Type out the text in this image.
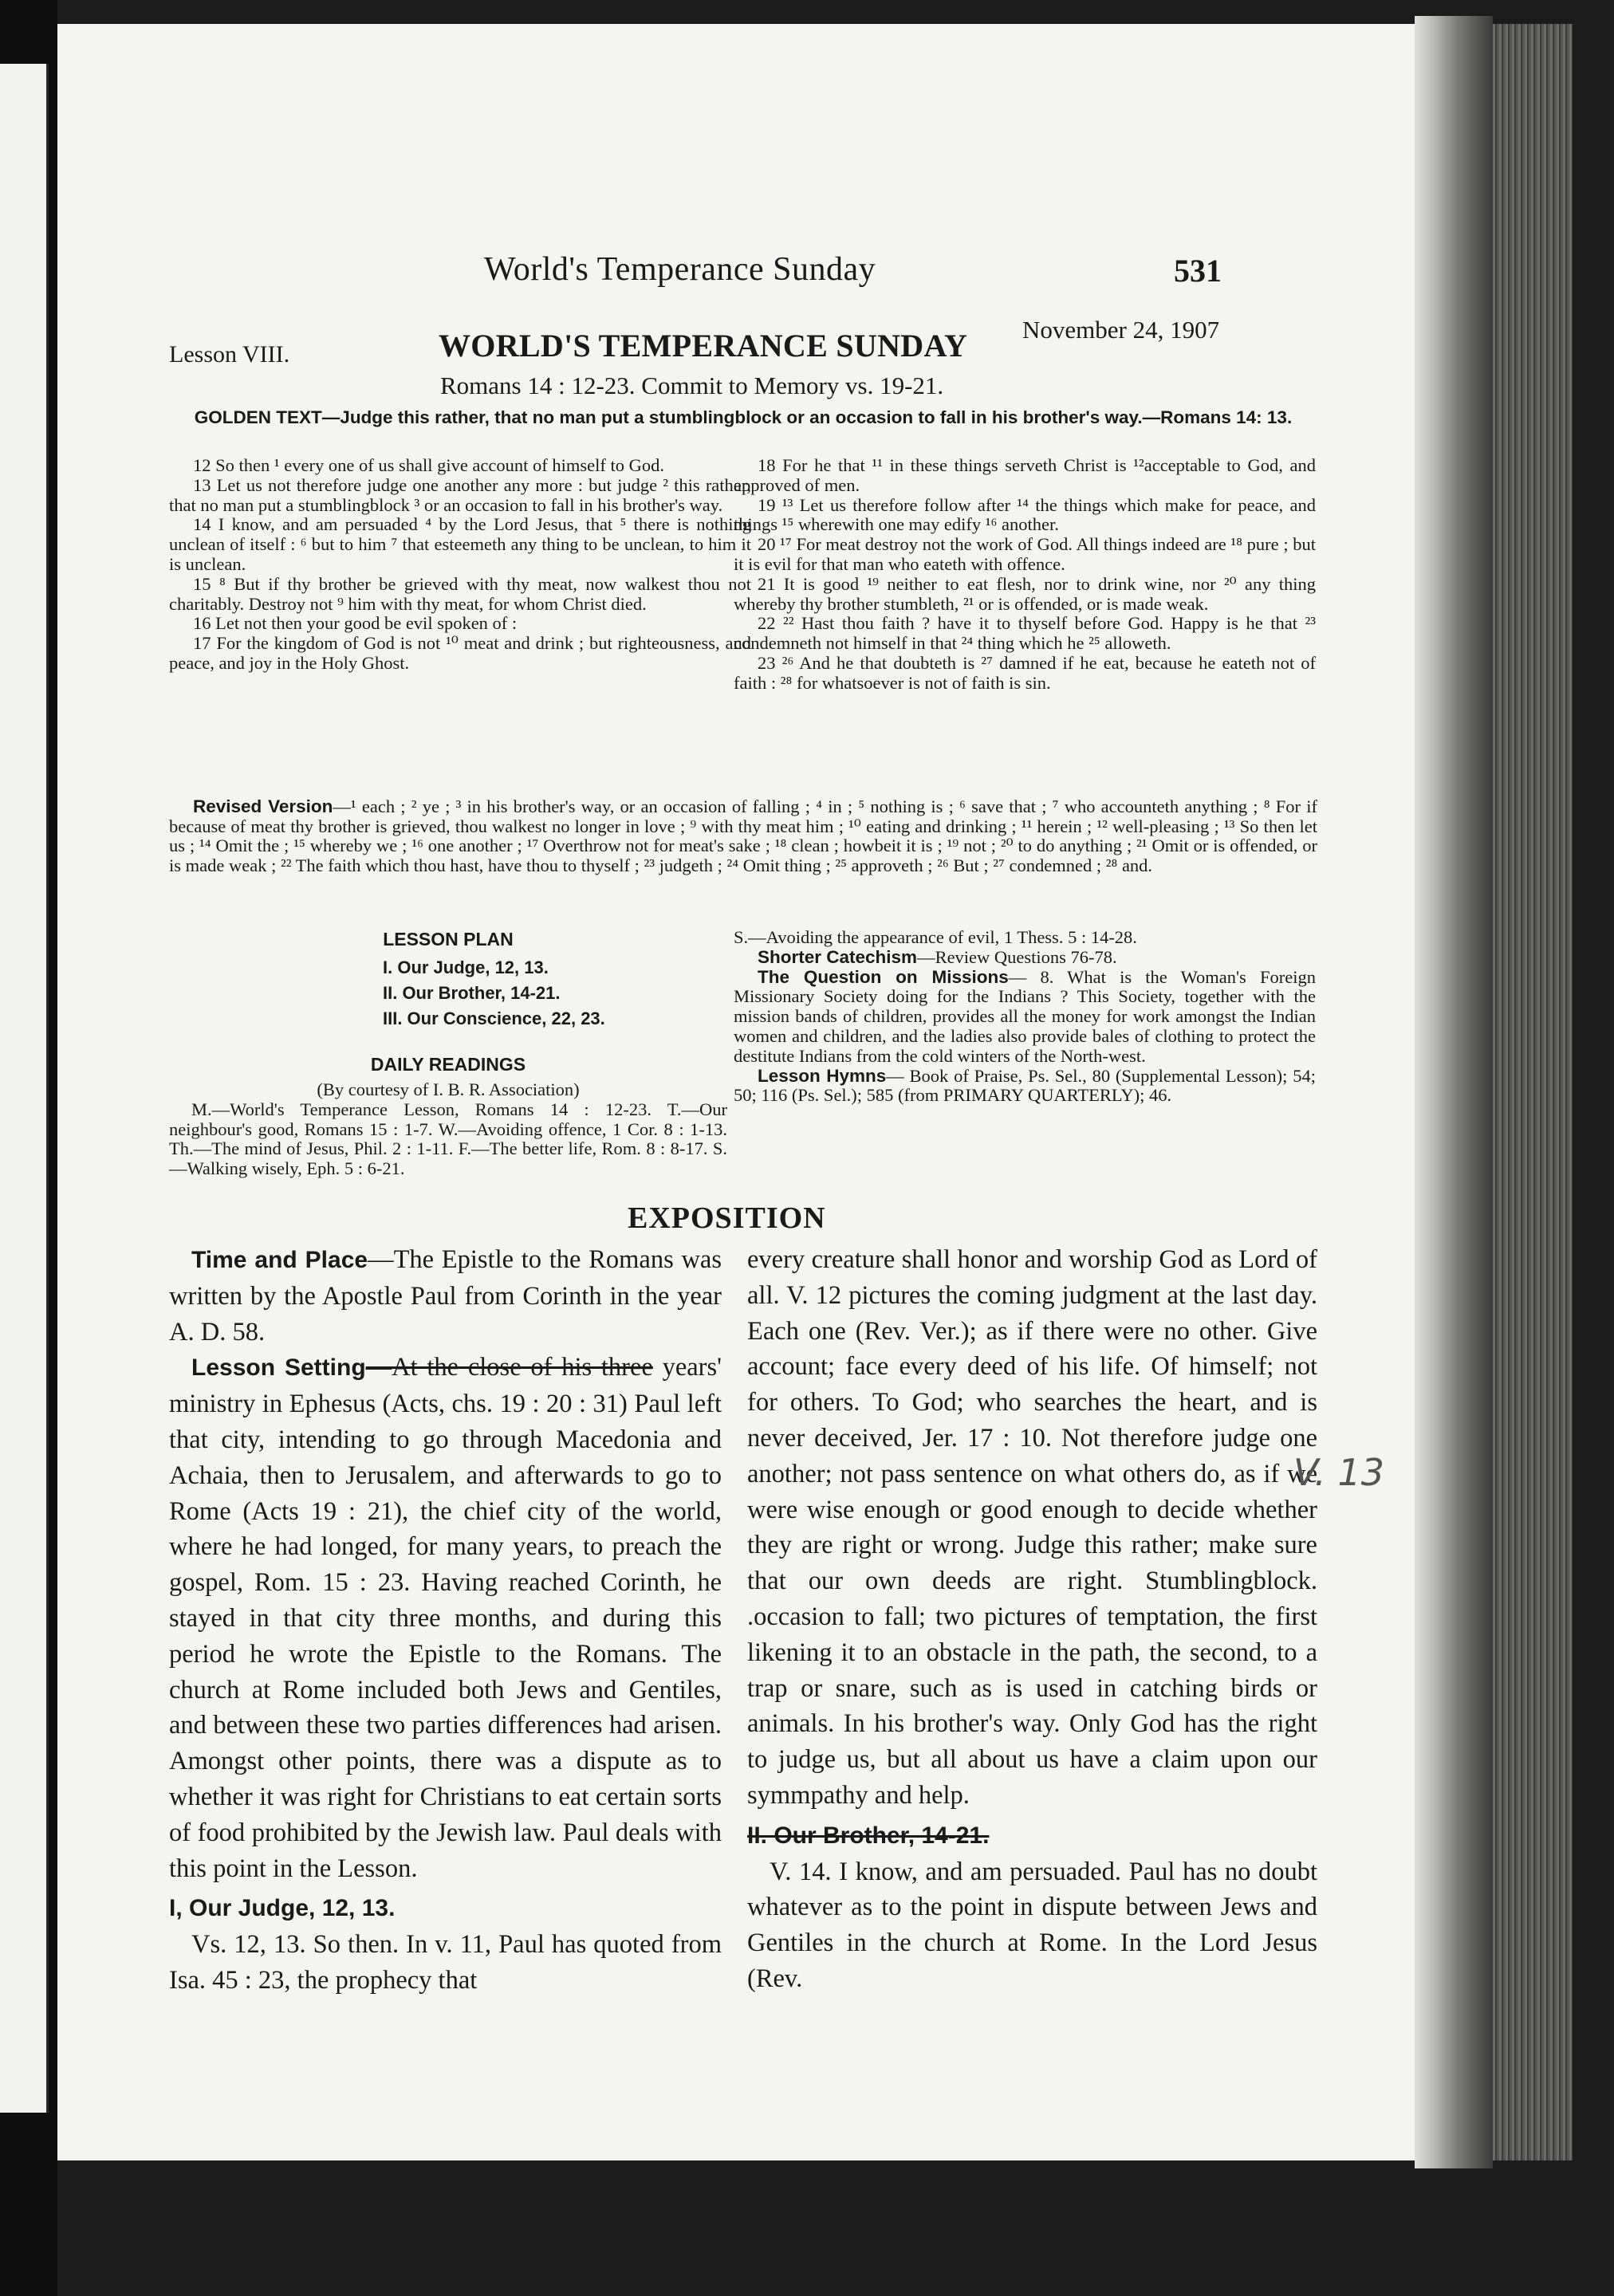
World's Temperance Sunday	531
Lesson VIII.	WORLD'S TEMPERANCE SUNDAY November 24, 1907
Romans 14 : 12-23. Commit to Memory vs. 19-21.
GOLDEN TEXT—Judge this rather, that no man put a stumblingblock or an occasion to fall in his brother's way.—Romans 14: 13.

12 So then ¹ every one of us shall give account of himself to God.

13 Let us not therefore judge one another any more : but judge ² this rather, that no man put a stumblingblock ³ or an occasion to fall in his brother's way.

14 I know, and am persuaded ⁴ by the Lord Jesus, that ⁵ there is nothing unclean of itself : ⁶ but to him ⁷ that esteemeth any thing to be unclean, to him it is unclean.

15 ⁸ But if thy brother be grieved with thy meat, now walkest thou not charitably. Destroy not ⁹ him with thy meat, for whom Christ died.

16 Let not then your good be evil spoken of :

17 For the kingdom of God is not ¹⁰ meat and drink ; but righteousness, and peace, and joy in the Holy Ghost.

18 For he that ¹¹ in these things serveth Christ is ¹²acceptable to God, and approved of men.

19 ¹³ Let us therefore follow after ¹⁴ the things which make for peace, and things ¹⁵ wherewith one may edify ¹⁶ another.

20 ¹⁷ For meat destroy not the work of God. All things indeed are ¹⁸ pure ; but it is evil for that man who eateth with offence.

21 It is good ¹⁹ neither to eat flesh, nor to drink wine, nor ²⁰ any thing whereby thy brother stumbleth, ²¹ or is offended, or is made weak.

22 ²² Hast thou faith ? have it to thyself before God. Happy is he that ²³ condemneth not himself in that ²⁴ thing which he ²⁵ alloweth.

23 ²⁶ And he that doubteth is ²⁷ damned if he eat, because he eateth not of faith : ²⁸ for whatsoever is not of faith is sin.

Revised Version—¹ each ; ² ye ; ³ in his brother's way, or an occasion of falling ; ⁴ in ; ⁵ nothing is ; ⁶ save that ; ⁷ who accounteth anything ; ⁸ For if because of meat thy brother is grieved, thou walkest no longer in love ; ⁹ with thy meat him ; ¹⁰ eating and drinking ; ¹¹ herein ; ¹² well-pleasing ; ¹³ So then let us ; ¹⁴ Omit the ; ¹⁵ whereby we ; ¹⁶ one another ; ¹⁷ Overthrow not for meat's sake ; ¹⁸ clean ; howbeit it is ; ¹⁹ not ; ²⁰ to do anything ; ²¹ Omit or is offended, or is made weak ; ²² The faith which thou hast, have thou to thyself ; ²³ judgeth ; ²⁴ Omit thing ; ²⁵ approveth ; ²⁶ But ; ²⁷ condemned ; ²⁸ and.
LESSON PLAN
I. Our Judge, 12, 13.
II. Our Brother, 14-21.
III. Our Conscience, 22, 23.
DAILY READINGS
(By courtesy of I. B. R. Association)
M.—World's Temperance Lesson, Romans 14 : 12-23. T.—Our neighbour's good, Romans 15 : 1-7. W.—Avoiding offence, 1 Cor. 8 : 1-13. Th.—The mind of Jesus, Phil. 2 : 1-11. F.—The better life, Rom. 8 : 8-17. S.—Walking wisely, Eph. 5 : 6-21.

S.—Avoiding the appearance of evil, 1 Thess. 5 : 14-28.

Shorter Catechism—Review Questions 76-78.

The Question on Missions— 8. What is the Woman's Foreign Missionary Society doing for the Indians ? This Society, together with the mission bands of children, provides all the money for work amongst the Indian women and children, and the ladies also provide bales of clothing to protect the destitute Indians from the cold winters of the North-west.

Lesson Hymns— Book of Praise, Ps. Sel., 80 (Supplemental Lesson); 54; 50; 116 (Ps. Sel.); 585 (from PRIMARY QUARTERLY); 46.

EXPOSITION

Time and Place—The Epistle to the Romans was written by the Apostle Paul from Corinth in the year A. D. 58.

Lesson Setting—At the close of his three years' ministry in Ephesus (Acts, chs. 19 : 20 : 31) Paul left that city, intending to go through Macedonia and Achaia, then to Jerusalem, and afterwards to go to Rome (Acts 19 : 21), the chief city of the world, where he had longed, for many years, to preach the gospel, Rom. 15 : 23. Having reached Corinth, he stayed in that city three months, and during this period he wrote the Epistle to the Romans. The church at Rome included both Jews and Gentiles, and between these two parties differences had arisen. Amongst other points, there was a dispute as to whether it was right for Christians to eat certain sorts of food prohibited by the Jewish law. Paul deals with this point in the Lesson.

I, Our Judge, 12, 13.

Vs. 12, 13. So then. In v. 11, Paul has quoted from Isa. 45 : 23, the prophecy that

every creature shall honor and worship God as Lord of all. V. 12 pictures the coming judgment at the last day. Each one (Rev. Ver.); as if there were no other. Give account; face every deed of his life. Of himself; not for others. To God; who searches the heart, and is never deceived, Jer. 17 : 10. Not therefore judge one another; not pass sentence on what others do, as if we were wise enough or good enough to decide whether they are right or wrong. Judge this rather; make sure that our own deeds are right. Stumblingblock. .occasion to fall; two pictures of temptation, the first likening it to an obstacle in the path, the second, to a trap or snare, such as is used in catching birds or animals. In his brother's way. Only God has the right to judge us, but all about us have a claim upon our symmpathy and help.

II. Our Brother, 14-21.

V. 14. I know, and am persuaded. Paul has no doubt whatever as to the point in dispute between Jews and Gentiles in the church at Rome. In the Lord Jesus (Rev.

V. 13
